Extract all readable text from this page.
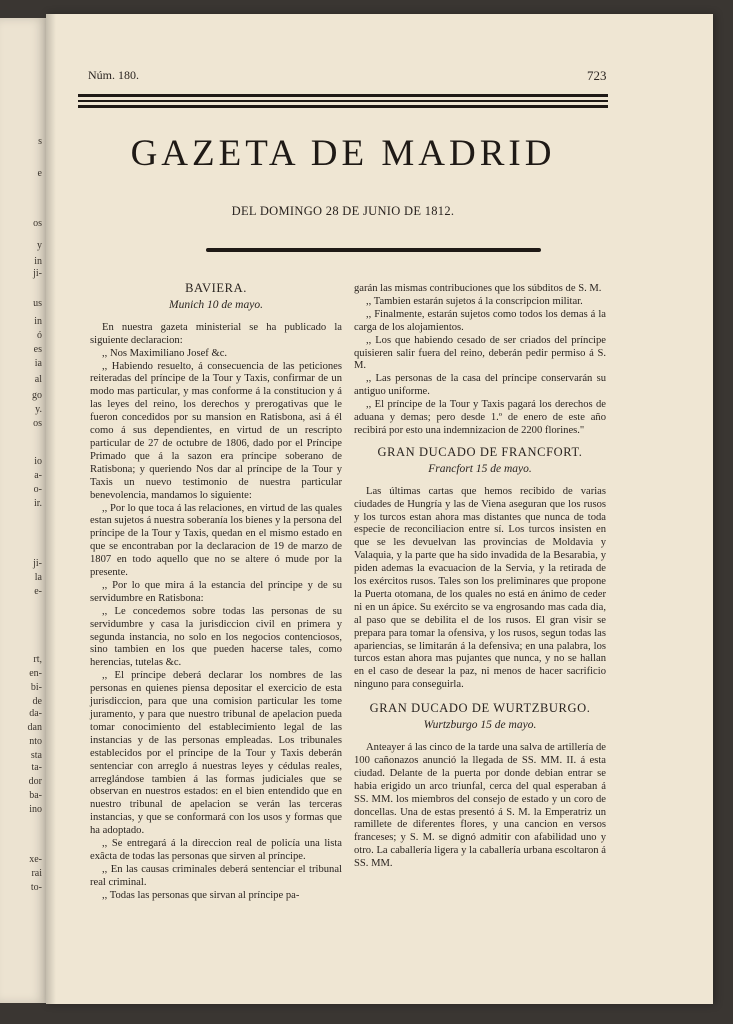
s
e
os
y
in
ji-
us
in
ó
es
ia
al
go
y.
os
io
a-
o-
ir.
ji-
la
e-
rt,
en-
bi-
de
da-
dan
nto
sta
ta-
dor
ba-
ino
xe-
rai
to-
Núm. 180.	723
GAZETA DE MADRID
DEL DOMINGO 28 DE JUNIO DE 1812.
BAVIERA.
Munich 10 de mayo.

En nuestra gazeta ministerial se ha publicado la siguiente declaracion:

,, Nos Maximiliano Josef &c.

,, Habiendo resuelto, á consecuencia de las peticiones reiteradas del príncipe de la Tour y Taxis, confirmar de un modo mas particular, y mas conforme á la constitucion y á las leyes del reino, los derechos y prerogativas que le fueron concedidos por su mansion en Ratisbona, asi á él como á sus dependientes, en virtud de un rescripto particular de 27 de octubre de 1806, dado por el Príncipe Primado que á la sazon era príncipe soberano de Ratisbona; y queriendo Nos dar al príncipe de la Tour y Taxis un nuevo testimonio de nuestra particular benevolencia, mandamos lo siguiente:

,, Por lo que toca á las relaciones, en virtud de las quales estan sujetos á nuestra soberanía los bienes y la persona del príncipe de la Tour y Taxis, quedan en el mismo estado en que se encontraban por la declaracion de 19 de marzo de 1807 en todo aquello que no se altere ó mude por la presente.

,, Por lo que mira á la estancia del príncipe y de su servidumbre en Ratisbona:

,, Le concedemos sobre todas las personas de su servidumbre y casa la jurisdiccion civil en primera y segunda instancia, no solo en los negocios contenciosos, sino tambien en los que pueden hacerse tales, como herencias, tutelas &c.

,, El príncipe deberá declarar los nombres de las personas en quienes piensa depositar el exercicio de esta jurisdiccion, para que una comision particular les tome juramento, y para que nuestro tribunal de apelacion pueda tomar conocimiento del establecimiento legal de las instancias y de las personas empleadas. Los tribunales establecidos por el príncipe de la Tour y Taxis deberán sentenciar con arreglo á nuestras leyes y cédulas reales, arreglándose tambien á las formas judiciales que se observan en nuestros estados: en el bien entendido que en nuestro tribunal de apelacion se verán las terceras instancias, y que se conformará con los usos y formas que ha adoptado.

,, Se entregará á la direccion real de policía una lista exâcta de todas las personas que sirven al príncipe.

,, En las causas criminales deberá sentenciar el tribunal real criminal.

,, Todas las personas que sirvan al príncipe pa-

garán las mismas contribuciones que los súbditos de S. M.

,, Tambien estarán sujetos á la conscripcion militar.

,, Finalmente, estarán sujetos como todos los demas á la carga de los alojamientos.

,, Los que habiendo cesado de ser criados del príncipe quisieren salir fuera del reino, deberán pedir permiso á S. M.

,, Las personas de la casa del príncipe conservarán su antiguo uniforme.

,, El príncipe de la Tour y Taxis pagará los derechos de aduana y demas; pero desde 1.º de enero de este año recibirá por esto una indemnizacion de 2200 florines."

GRAN DUCADO DE FRANCFORT.
Francfort 15 de mayo.

Las últimas cartas que hemos recibido de varias ciudades de Hungría y las de Viena aseguran que los rusos y los turcos estan ahora mas distantes que nunca de toda especie de reconciliacion entre sí. Los turcos insisten en que se les devuelvan las provincias de Moldavia y Valaquia, y la parte que ha sido invadida de la Besarabia, y piden ademas la evacuacion de la Servia, y la retirada de los exércitos rusos. Tales son los preliminares que propone la Puerta otomana, de los quales no está en ánimo de ceder ni en un ápice. Su exército se va engrosando mas cada dia, al paso que se debilita el de los rusos. El gran visir se prepara para tomar la ofensiva, y los rusos, segun todas las apariencias, se limitarán á la defensiva; en una palabra, los turcos estan ahora mas pujantes que nunca, y no se hallan en el caso de desear la paz, ni menos de hacer sacrificio ninguno para conseguirla.

GRAN DUCADO DE WURTZBURGO.
Wurtzburgo 15 de mayo.

Anteayer á las cinco de la tarde una salva de artillería de 100 cañonazos anunció la llegada de SS. MM. II. á esta ciudad. Delante de la puerta por donde debian entrar se habia erigido un arco triunfal, cerca del qual esperaban á SS. MM. los miembros del consejo de estado y un coro de doncellas. Una de estas presentó á S. M. la Emperatriz un ramillete de diferentes flores, y una cancion en versos franceses; y S. M. se dignó admitir con afabilidad uno y otro. La caballería ligera y la caballería urbana escoltaron á SS. MM.
